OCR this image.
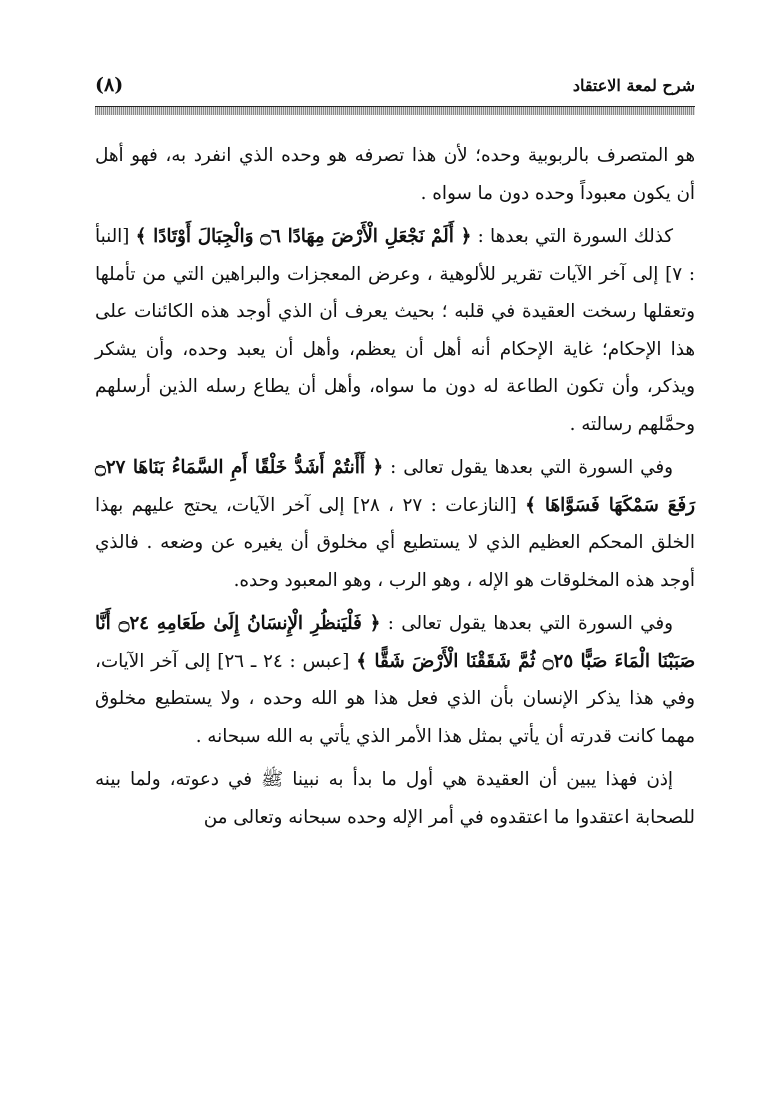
شرح لمعة الاعتقاد
(٨)

هو المتصرف بالربوبية وحده؛ لأن هذا تصرفه هو وحده الذي انفرد به، فهو أهل أن يكون معبوداً وحده دون ما سواه .

كذلك السورة التي بعدها : ﴿ أَلَمْ نَجْعَلِ الْأَرْضَ مِهَادًا ۝٦ وَالْجِبَالَ أَوْتَادًا ﴾ [النبأ : ٧] إلى آخر الآيات تقرير للألوهية ، وعرض المعجزات والبراهين التي من تأملها وتعقلها رسخت العقيدة في قلبه ؛ بحيث يعرف أن الذي أوجد هذه الكائنات على هذا الإحكام؛ غاية الإحكام أنه أهل أن يعظم، وأهل أن يعبد وحده، وأن يشكر ويذكر، وأن تكون الطاعة له دون ما سواه، وأهل أن يطاع رسله الذين أرسلهم وحمَّلهم رسالته .

وفي السورة التي بعدها يقول تعالى : ﴿ أَأَنتُمْ أَشَدُّ خَلْقًا أَمِ السَّمَاءُ بَنَاهَا ۝٢٧ رَفَعَ سَمْكَهَا فَسَوَّاهَا ﴾ [النازعات : ٢٧ ، ٢٨] إلى آخر الآيات، يحتج عليهم بهذا الخلق المحكم العظيم الذي لا يستطيع أي مخلوق أن يغيره عن وضعه . فالذي أوجد هذه المخلوقات هو الإله ، وهو الرب ، وهو المعبود وحده.

وفي السورة التي بعدها يقول تعالى : ﴿ فَلْيَنظُرِ الْإِنسَانُ إِلَىٰ طَعَامِهِ ۝٢٤ أَنَّا صَبَبْنَا الْمَاءَ صَبًّا ۝٢٥ ثُمَّ شَقَقْنَا الْأَرْضَ شَقًّا ﴾ [عبس : ٢٤ ـ ٢٦] إلى آخر الآيات، وفي هذا يذكر الإنسان بأن الذي فعل هذا هو الله وحده ، ولا يستطيع مخلوق مهما كانت قدرته أن يأتي بمثل هذا الأمر الذي يأتي به الله سبحانه .

إذن فهذا يبين أن العقيدة هي أول ما بدأ به نبينا ﷺ في دعوته، ولما بينه للصحابة اعتقدوا ما اعتقدوه في أمر الإله وحده سبحانه وتعالى من
